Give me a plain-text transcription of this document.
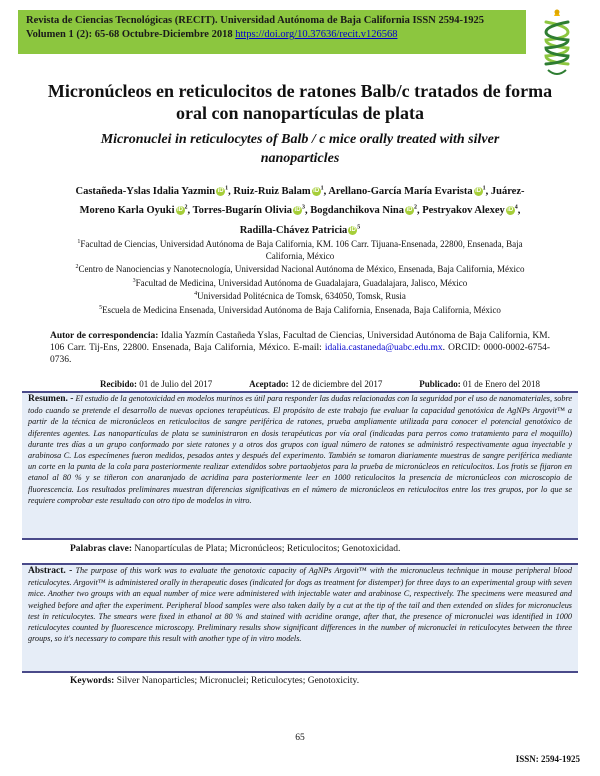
Revista de Ciencias Tecnológicas (RECIT). Universidad Autónoma de Baja California ISSN 2594-1925
Volumen 1 (2): 65-68 Octubre-Diciembre 2018 https://doi.org/10.37636/recit.v126568
Micronúcleos en reticulocitos de ratones Balb/c tratados de forma oral con nanopartículas de plata
Micronuclei in reticulocytes of Balb / c mice orally treated with silver nanoparticles
Castañeda-Yslas Idalia Yazmin iD $^1$, Ruiz-Ruiz Balam iD $^1$, Arellano-García María Evarista iD $^1$, Juárez-Moreno Karla Oyuki iD $^2$, Torres-Bugarín Olivia iD $^3$, Bogdanchikova Nina iD $^2$, Pestryakov Alexey iD $^4$, Radilla-Chávez Patricia iD $^5$
$^1$Facultad de Ciencias, Universidad Autónoma de Baja California, KM. 106 Carr. Tijuana-Ensenada, 22800, Ensenada, Baja California, México
$^2$Centro de Nanociencias y Nanotecnología, Universidad Nacional Autónoma de México, Ensenada, Baja California, México
$^3$Facultad de Medicina, Universidad Autónoma de Guadalajara, Guadalajara, Jalisco, México
$^4$Universidad Politécnica de Tomsk, 634050, Tomsk, Rusia
$^5$Escuela de Medicina Ensenada, Universidad Autónoma de Baja California, Ensenada, Baja California, México
Autor de correspondencia: Idalia Yazmín Castañeda Yslas, Facultad de Ciencias, Universidad Autónoma de Baja California, KM. 106 Carr. Tij-Ens, 22800. Ensenada, Baja California, México. E-mail: idalia.castaneda@uabc.edu.mx. ORCID: 0000-0002-6754-0736.
Recibido: 01 de Julio del 2017	Aceptado: 12 de diciembre del 2017	Publicado: 01 de Enero del 2018
Resumen. - El estudio de la genotoxicidad en modelos murinos es útil para responder las dudas relacionadas con la seguridad por el uso de nanomateriales, sobre todo cuando se pretende el desarrollo de nuevas opciones terapéuticas. El propósito de este trabajo fue evaluar la capacidad genotóxica de AgNPs Argovit™ a partir de la técnica de micronúcleos en reticulocitos de sangre periférica de ratones, prueba ampliamente utilizada para conocer el potencial genotóxico de diferentes agentes. Las nanopartículas de plata se suministraron en dosis terapéuticas por vía oral (indicadas para perros como tratamiento para el moquillo) durante tres días a un grupo conformado por siete ratones y a otros dos grupos con igual número de ratones se administró respectivamente agua inyectable y arabinosa C. Los especímenes fueron medidos, pesados antes y después del experimento. También se tomaron diariamente muestras de sangre periférica mediante un corte en la punta de la cola para posteriormente realizar extendidos sobre portaobjetos para la prueba de micronúcleos en reticulocitos. Los frotis se fijaron en etanol al 80 % y se tiñeron con anaranjado de acridina para posteriormente leer en 1000 reticulocitos la presencia de micronúcleos con microscopio de fluorescencia. Los resultados preliminares muestran diferencias significativas en el número de micronúcleos en reticulocitos entre los tres grupos, por lo que se requiere comprobar este resultado con otro tipo de modelos in vitro.
Palabras clave: Nanopartículas de Plata; Micronúcleos; Reticulocitos; Genotoxicidad.
Abstract. - The purpose of this work was to evaluate the genotoxic capacity of AgNPs Argovit™ with the micronucleus technique in mouse peripheral blood reticulocytes. Argovit™ is administered orally in therapeutic doses (indicated for dogs as treatment for distemper) for three days to an experimental group with seven mice. Another two groups with an equal number of mice were administered with injectable water and arabinose C, respectively. The specimens were measured and weighed before and after the experiment. Peripheral blood samples were also taken daily by a cut at the tip of the tail and then extended on slides for micronucleus test in reticulocytes. The smears were fixed in ethanol at 80 % and stained with acridine orange, after that, the presence of micronuclei was identified in 1000 reticulocytes counted by fluorescence microscopy. Preliminary results show significant differences in the number of micronuclei in reticulocytes between the three groups, so it's necessary to compare this result with another type of in vitro models.
Keywords: Silver Nanoparticles; Micronuclei; Reticulocytes; Genotoxicity.
65
ISSN: 2594-1925
